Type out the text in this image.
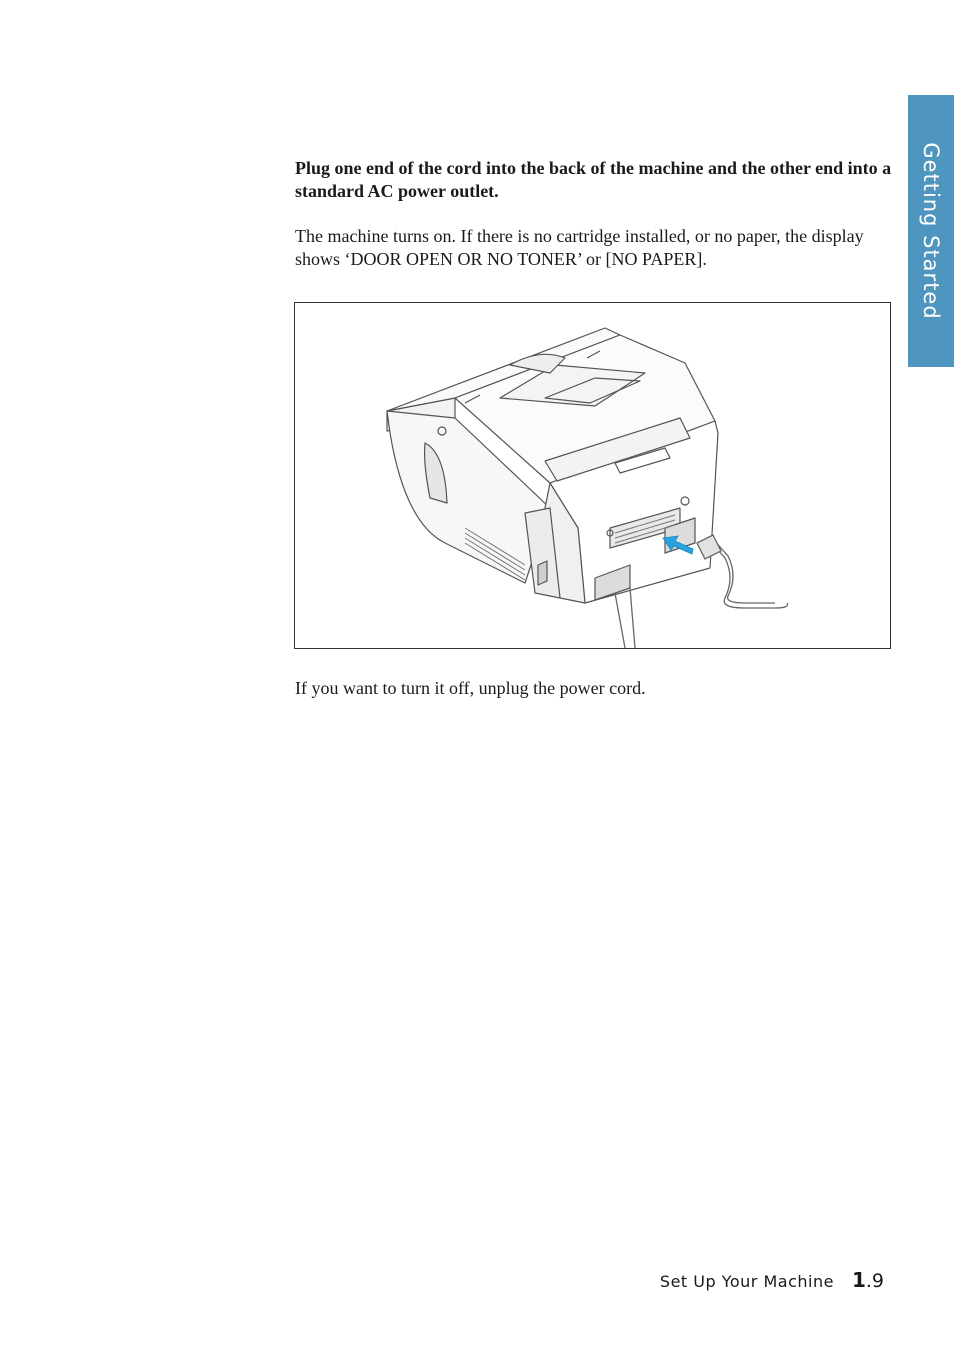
Getting Started

Plug one end of the cord into the back of the machine and the other end into a standard AC power outlet.

The machine turns on. If there is no cartridge installed, or no paper, the display shows ‘DOOR OPEN OR NO TONER’ or [NO PAPER].

If you want to turn it off, unplug the power cord.

Set Up Your Machine 1.9
